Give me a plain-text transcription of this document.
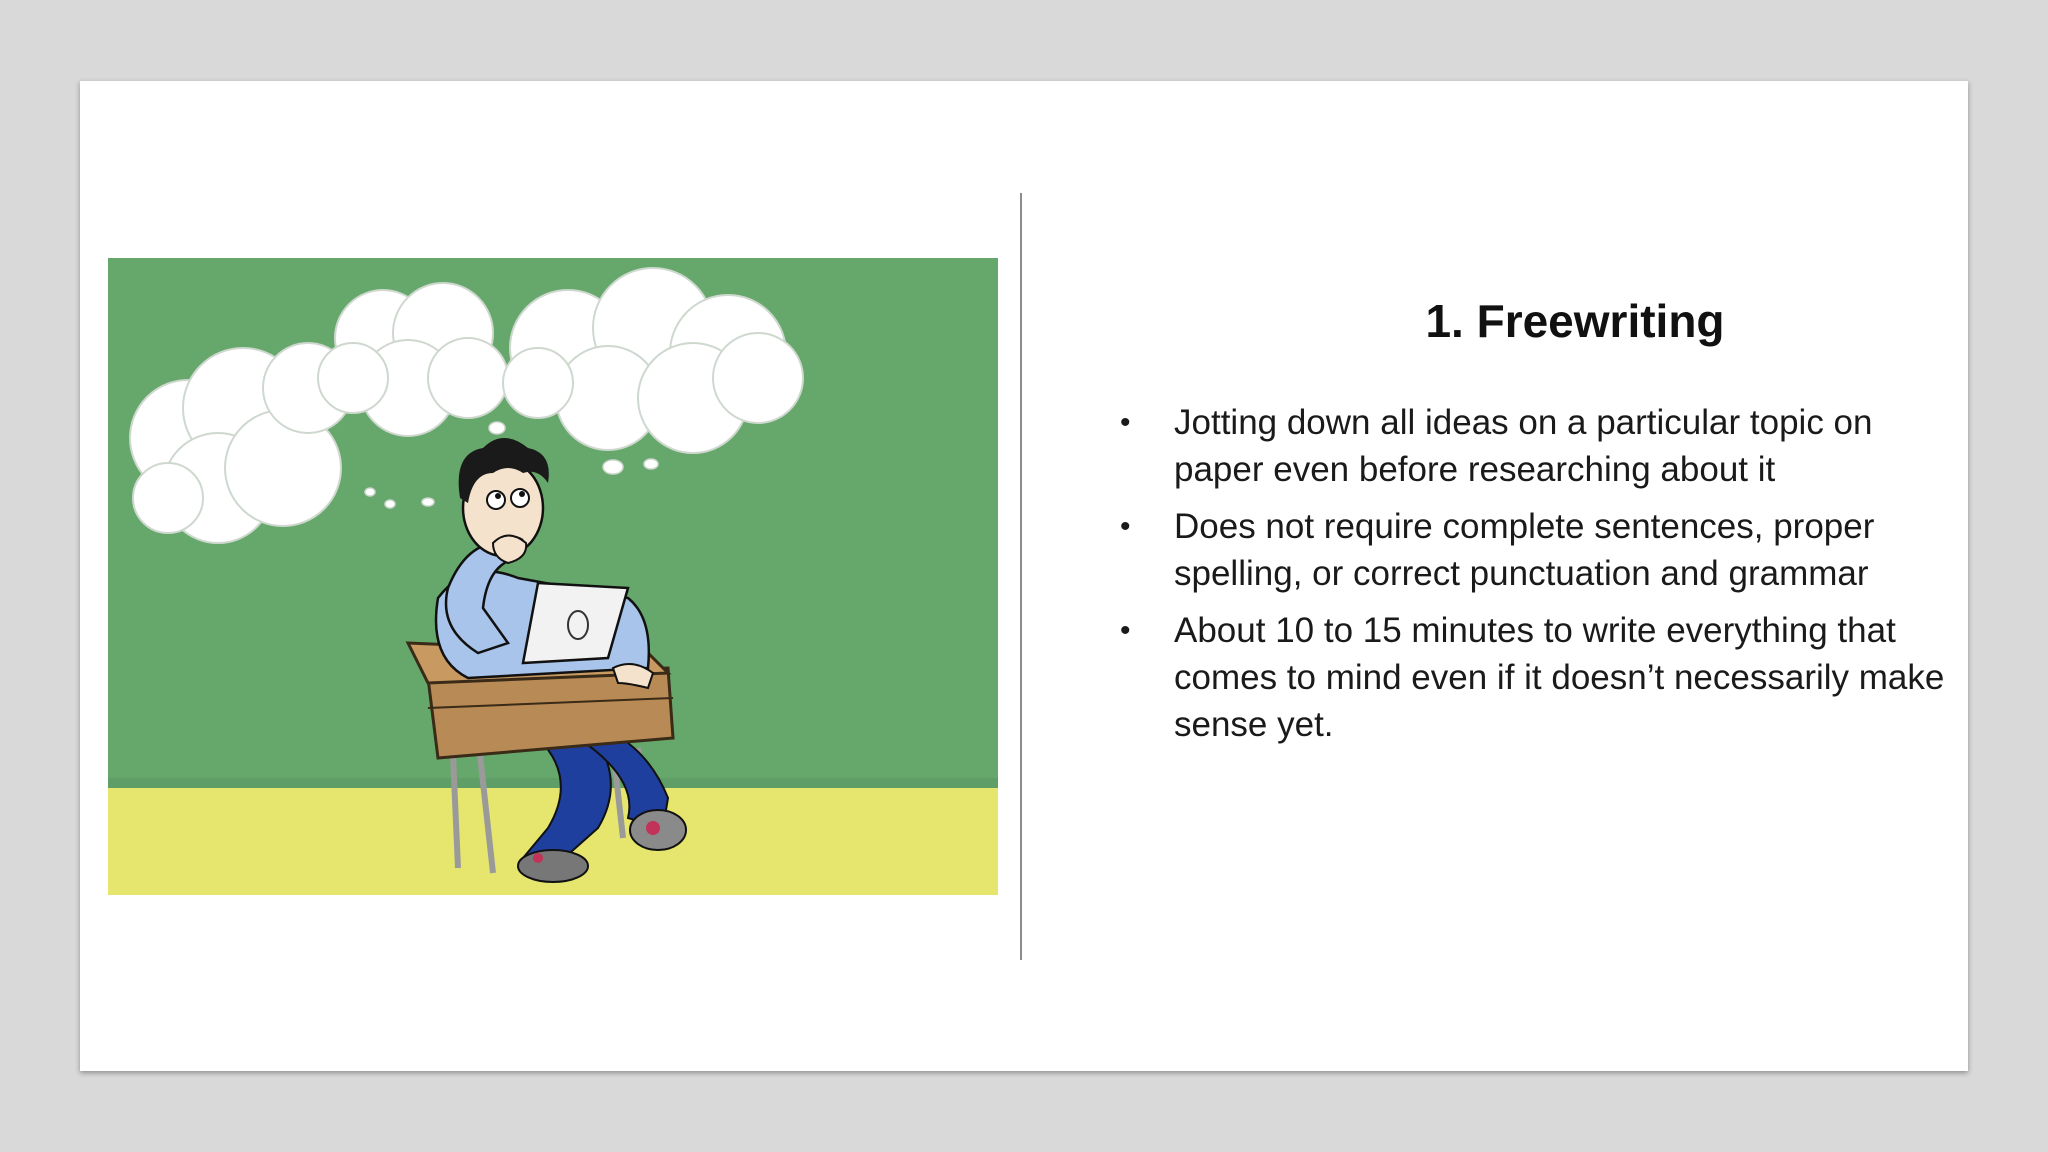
1. Freewriting
• Jotting down all ideas on a particular topic on paper even before researching about it
• Does not require complete sentences, proper spelling, or correct punctuation and grammar
• About 10 to 15 minutes to write everything that comes to mind even if it doesn’t necessarily make sense yet.
